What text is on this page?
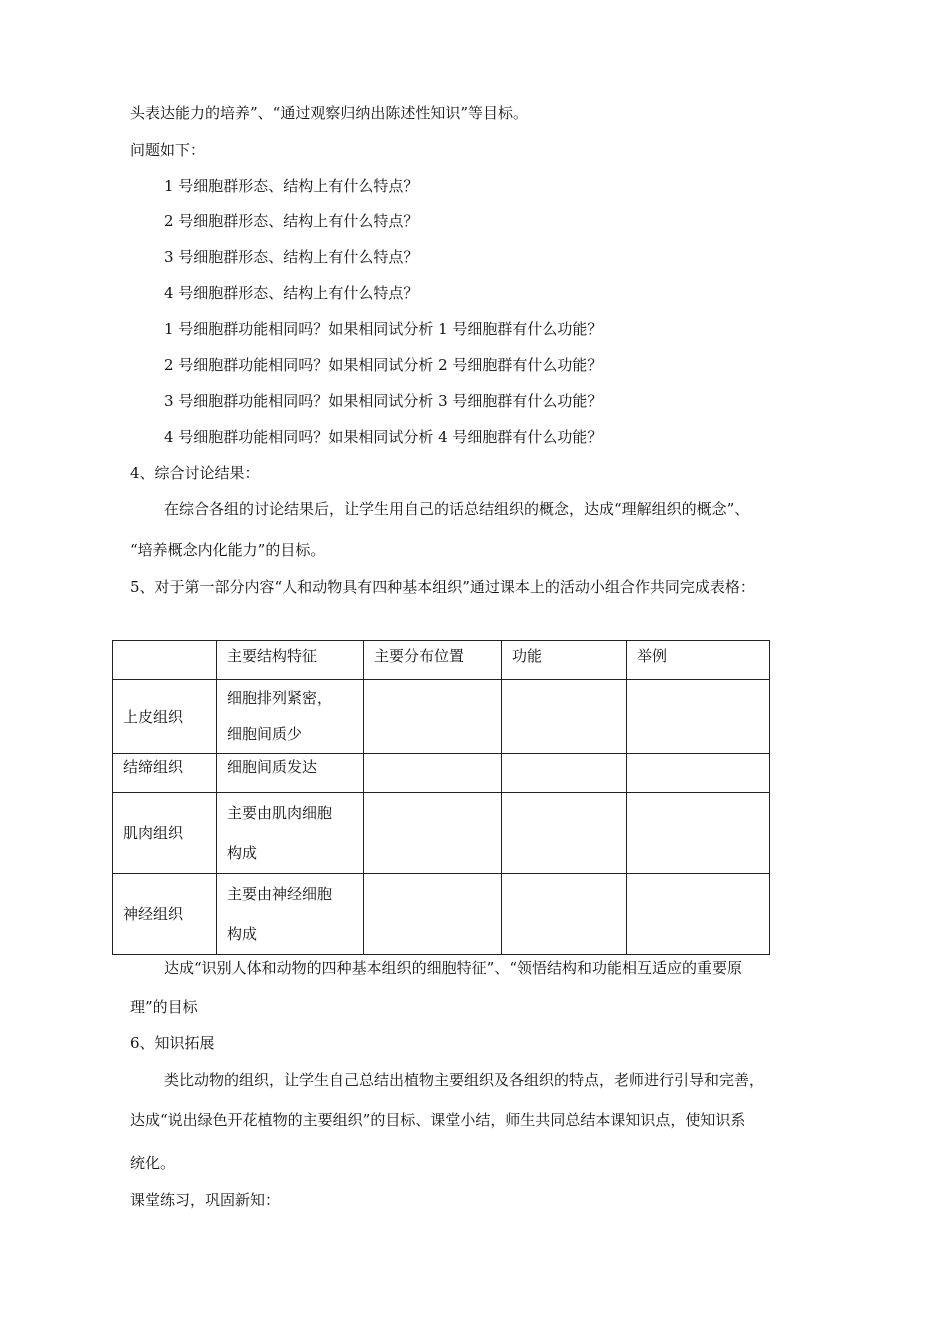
头表达能力的培养”、“通过观察归纳出陈述性知识”等目标。
问题如下：
1 号细胞群形态、结构上有什么特点？
2 号细胞群形态、结构上有什么特点？
3 号细胞群形态、结构上有什么特点？
4 号细胞群形态、结构上有什么特点？
1 号细胞群功能相同吗？如果相同试分析 1 号细胞群有什么功能？
2 号细胞群功能相同吗？如果相同试分析 2 号细胞群有什么功能？
3 号细胞群功能相同吗？如果相同试分析 3 号细胞群有什么功能？
4 号细胞群功能相同吗？如果相同试分析 4 号细胞群有什么功能？
4、综合讨论结果：
在综合各组的讨论结果后，让学生用自己的话总结组织的概念，达成“理解组织的概念”、
“培养概念内化能力”的目标。
5、对于第一部分内容“人和动物具有四种基本组织”通过课本上的活动小组合作共同完成表格：
	主要结构特征	主要分布位置	功能	举例
上皮组织	细胞排列紧密，
细胞间质少			

结缔组织	细胞间质发达			
肌肉组织	主要由肌肉细胞
构成			

神经组织	主要由神经细胞
构成			

达成“识别人体和动物的四种基本组织的细胞特征”、“领悟结构和功能相互适应的重要原
理”的目标
6、知识拓展
类比动物的组织，让学生自己总结出植物主要组织及各组织的特点，老师进行引导和完善，
达成“说出绿色开花植物的主要组织”的目标、课堂小结，师生共同总结本课知识点，使知识系
统化。
课堂练习，巩固新知：
